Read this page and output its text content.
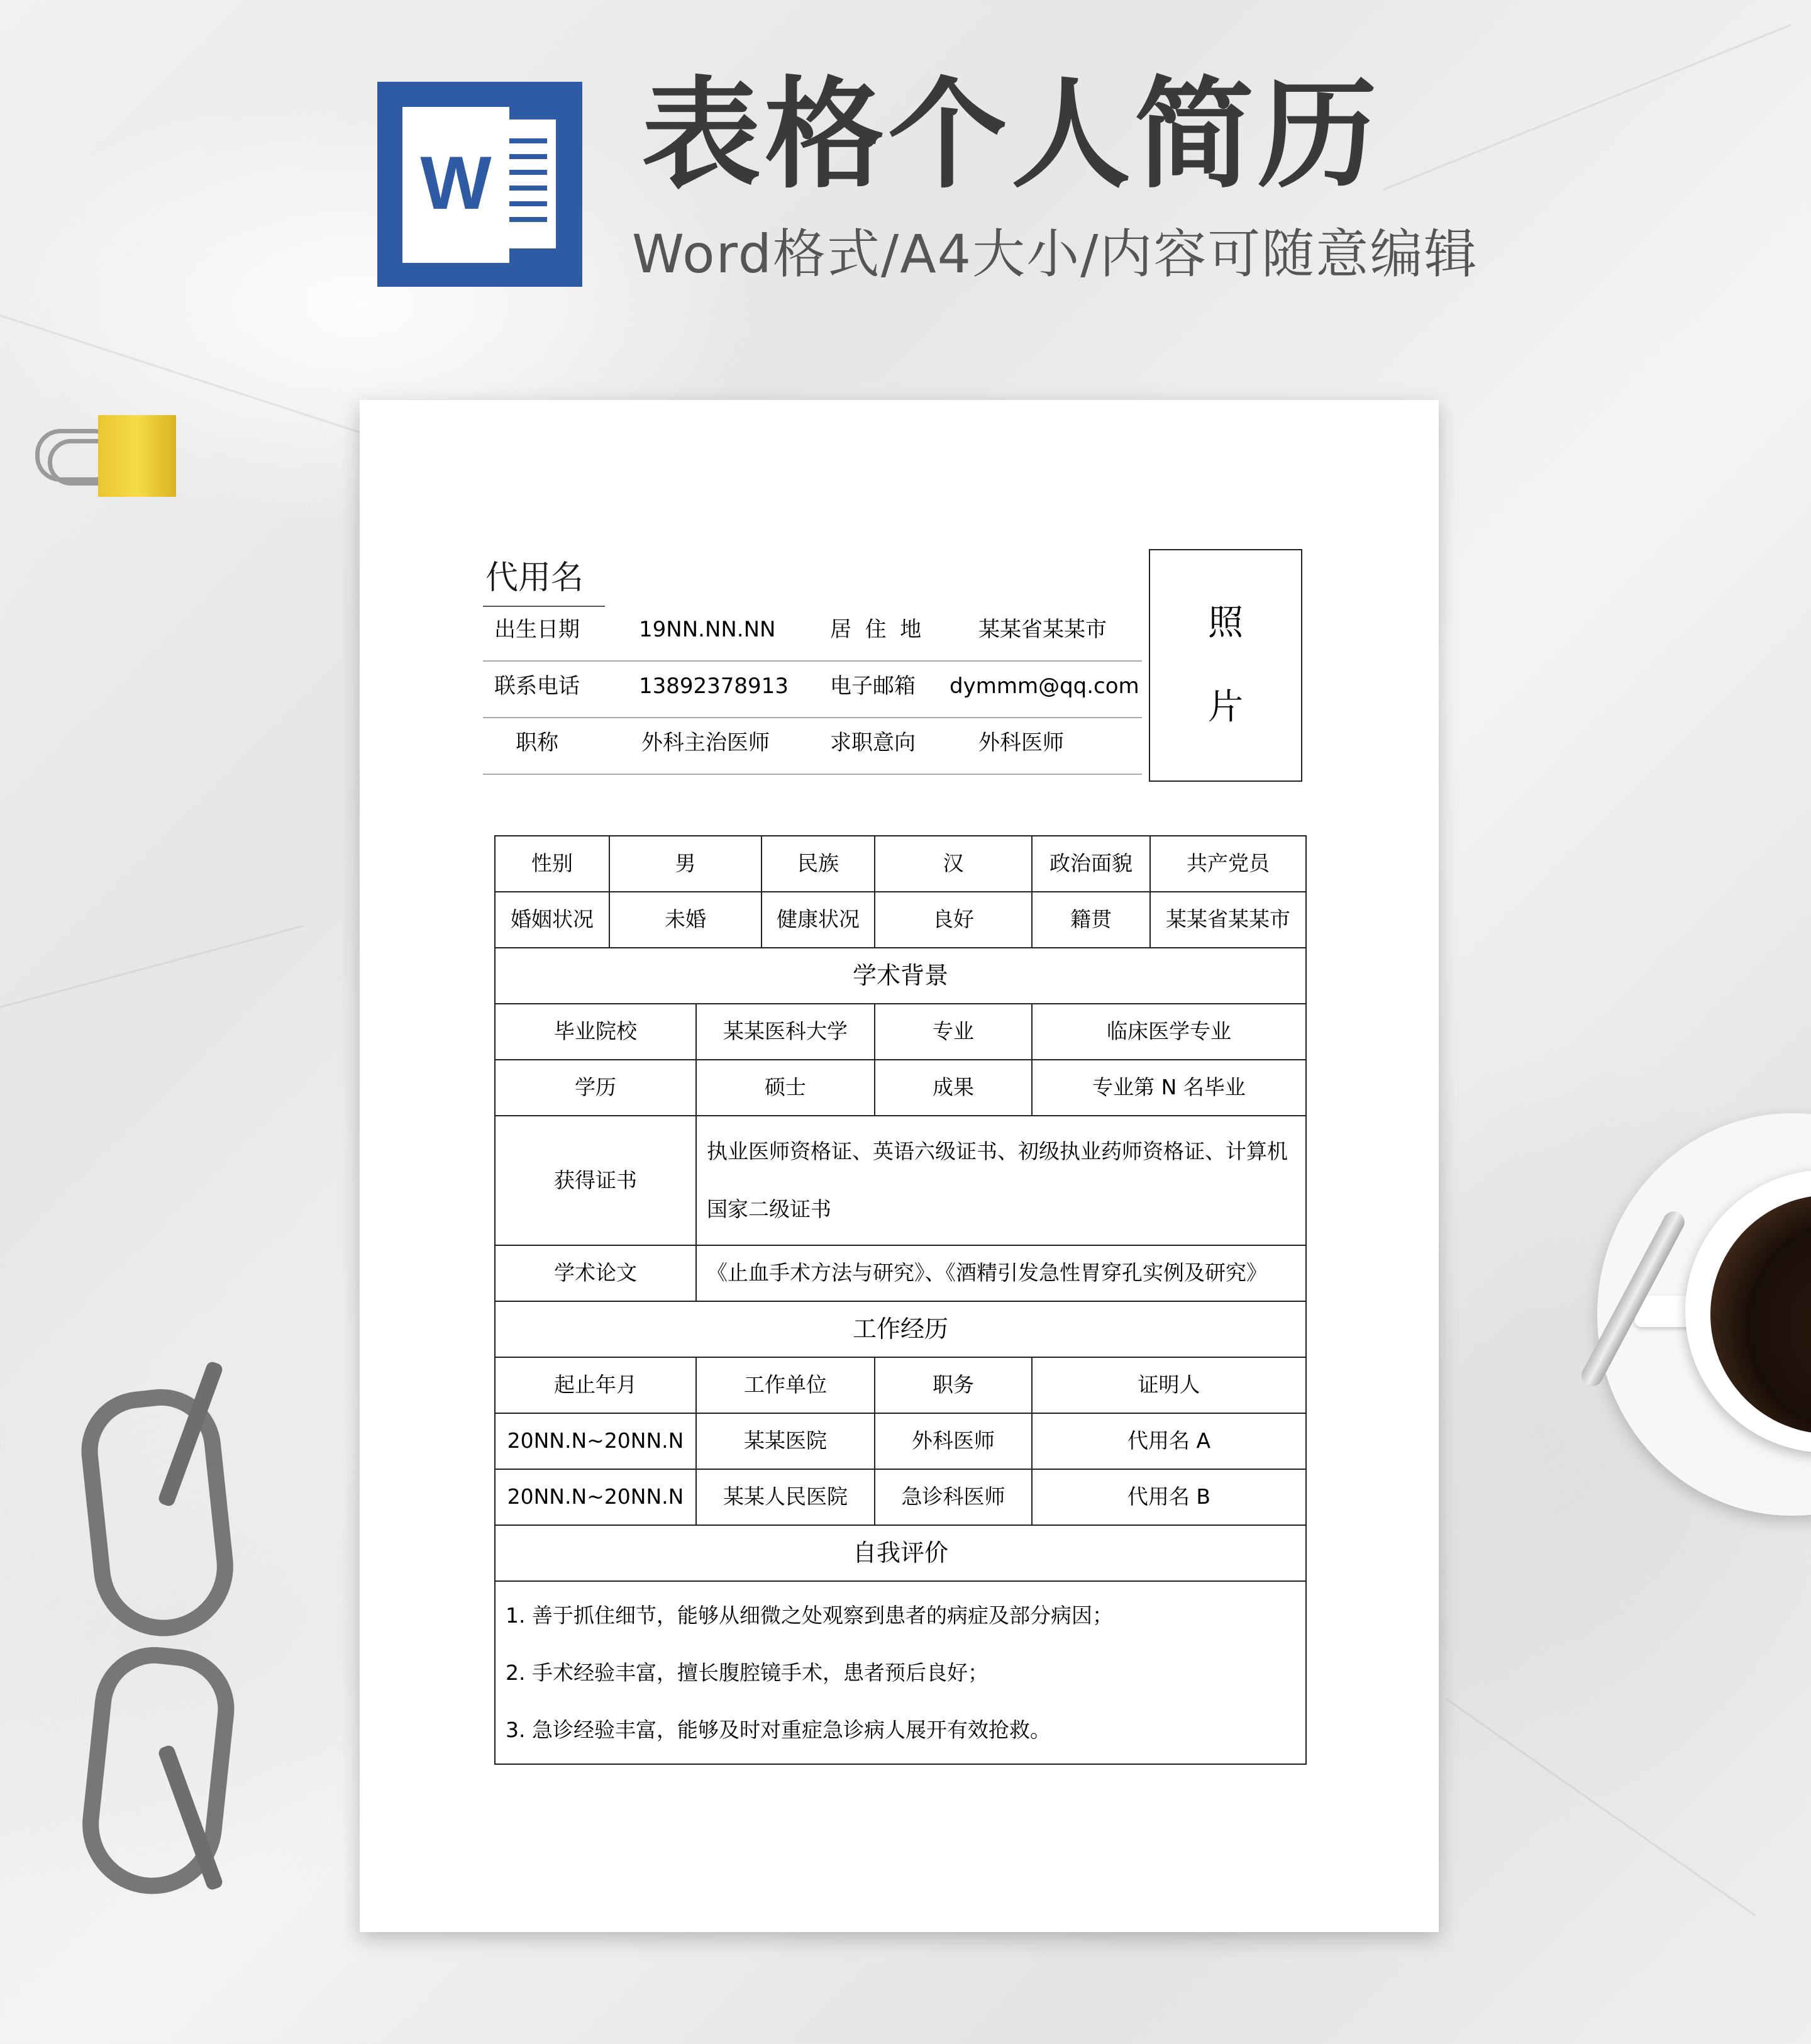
W 表格个人简历
Word格式/A4大小/内容可随意编辑
代用名
出生日期	19NN.NN.NN	居  住  地	某某省某某市
联系电话	13892378913 电子邮箱 dymmm@qq.com
职称	外科主治医师	求职意向	外科医师
照
片
性别	男		民族	汉	政治面貌	共产党员
婚姻状况	未婚		健康状况	良好	籍贯	某某省某某市
学术背景						
毕业院校		某某医科大学		专业	临床医学专业	
学历		硕士		成果	专业第 N 名毕业	
获得证书		执业医师资格证、英语六级证书、初级执业药师资格证、计算机国家二级证书				
学术论文		《止血手术方法与研究》、《酒精引发急性胃穿孔实例及研究》				
工作经历						
起止年月		工作单位		职务	证明人	
20NN.N~20NN.N		某某医院		外科医师	代用名 A	
20NN.N~20NN.N		某某人民医院		急诊科医师	代用名 B	
自我评价						

1. 善于抓住细节，能够从细微之处观察到患者的病症及部分病因；
2. 手术经验丰富，擅长腹腔镜手术，患者预后良好；
3. 急诊经验丰富，能够及时对重症急诊病人展开有效抢救。						
